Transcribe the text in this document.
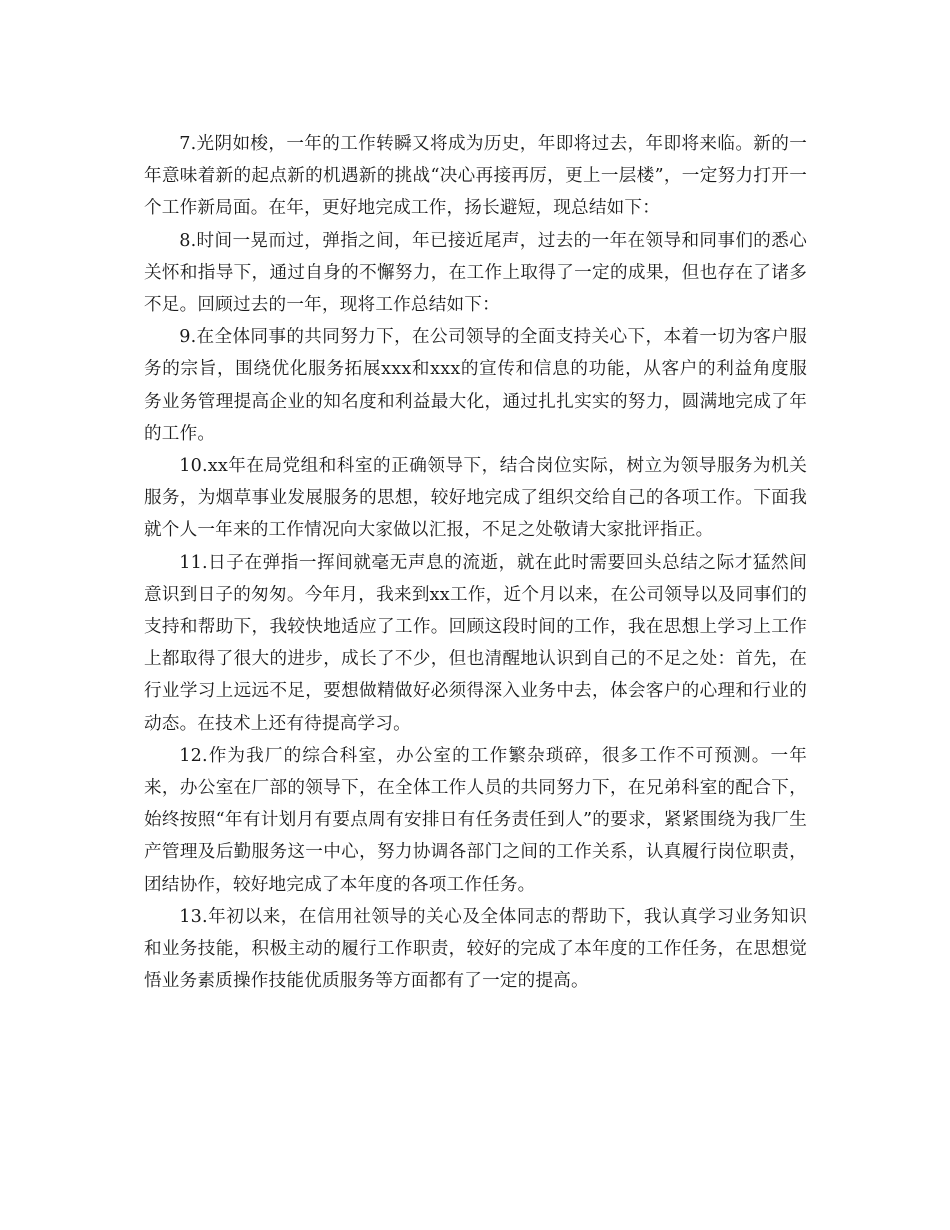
7.光阴如梭，一年的工作转瞬又将成为历史，年即将过去，年即将来临。新的一年意味着新的起点新的机遇新的挑战“决心再接再厉，更上一层楼”，一定努力打开一个工作新局面。在年，更好地完成工作，扬长避短，现总结如下：

8.时间一晃而过，弹指之间，年已接近尾声，过去的一年在领导和同事们的悉心关怀和指导下，通过自身的不懈努力，在工作上取得了一定的成果，但也存在了诸多不足。回顾过去的一年，现将工作总结如下：

9.在全体同事的共同努力下，在公司领导的全面支持关心下，本着一切为客户服务的宗旨，围绕优化服务拓展xxx和xxx的宣传和信息的功能，从客户的利益角度服务业务管理提高企业的知名度和利益最大化，通过扎扎实实的努力，圆满地完成了年的工作。

10.xx年在局党组和科室的正确领导下，结合岗位实际，树立为领导服务为机关服务，为烟草事业发展服务的思想，较好地完成了组织交给自己的各项工作。下面我就个人一年来的工作情况向大家做以汇报，不足之处敬请大家批评指正。

11.日子在弹指一挥间就毫无声息的流逝，就在此时需要回头总结之际才猛然间意识到日子的匆匆。今年月，我来到xx工作，近个月以来，在公司领导以及同事们的支持和帮助下，我较快地适应了工作。回顾这段时间的工作，我在思想上学习上工作上都取得了很大的进步，成长了不少，但也清醒地认识到自己的不足之处：首先，在行业学习上远远不足，要想做精做好必须得深入业务中去，体会客户的心理和行业的动态。在技术上还有待提高学习。

12.作为我厂的综合科室，办公室的工作繁杂琐碎，很多工作不可预测。一年来，办公室在厂部的领导下，在全体工作人员的共同努力下，在兄弟科室的配合下，始终按照“年有计划月有要点周有安排日有任务责任到人”的要求，紧紧围绕为我厂生产管理及后勤服务这一中心，努力协调各部门之间的工作关系，认真履行岗位职责，团结协作，较好地完成了本年度的各项工作任务。

13.年初以来，在信用社领导的关心及全体同志的帮助下，我认真学习业务知识和业务技能，积极主动的履行工作职责，较好的完成了本年度的工作任务，在思想觉悟业务素质操作技能优质服务等方面都有了一定的提高。
